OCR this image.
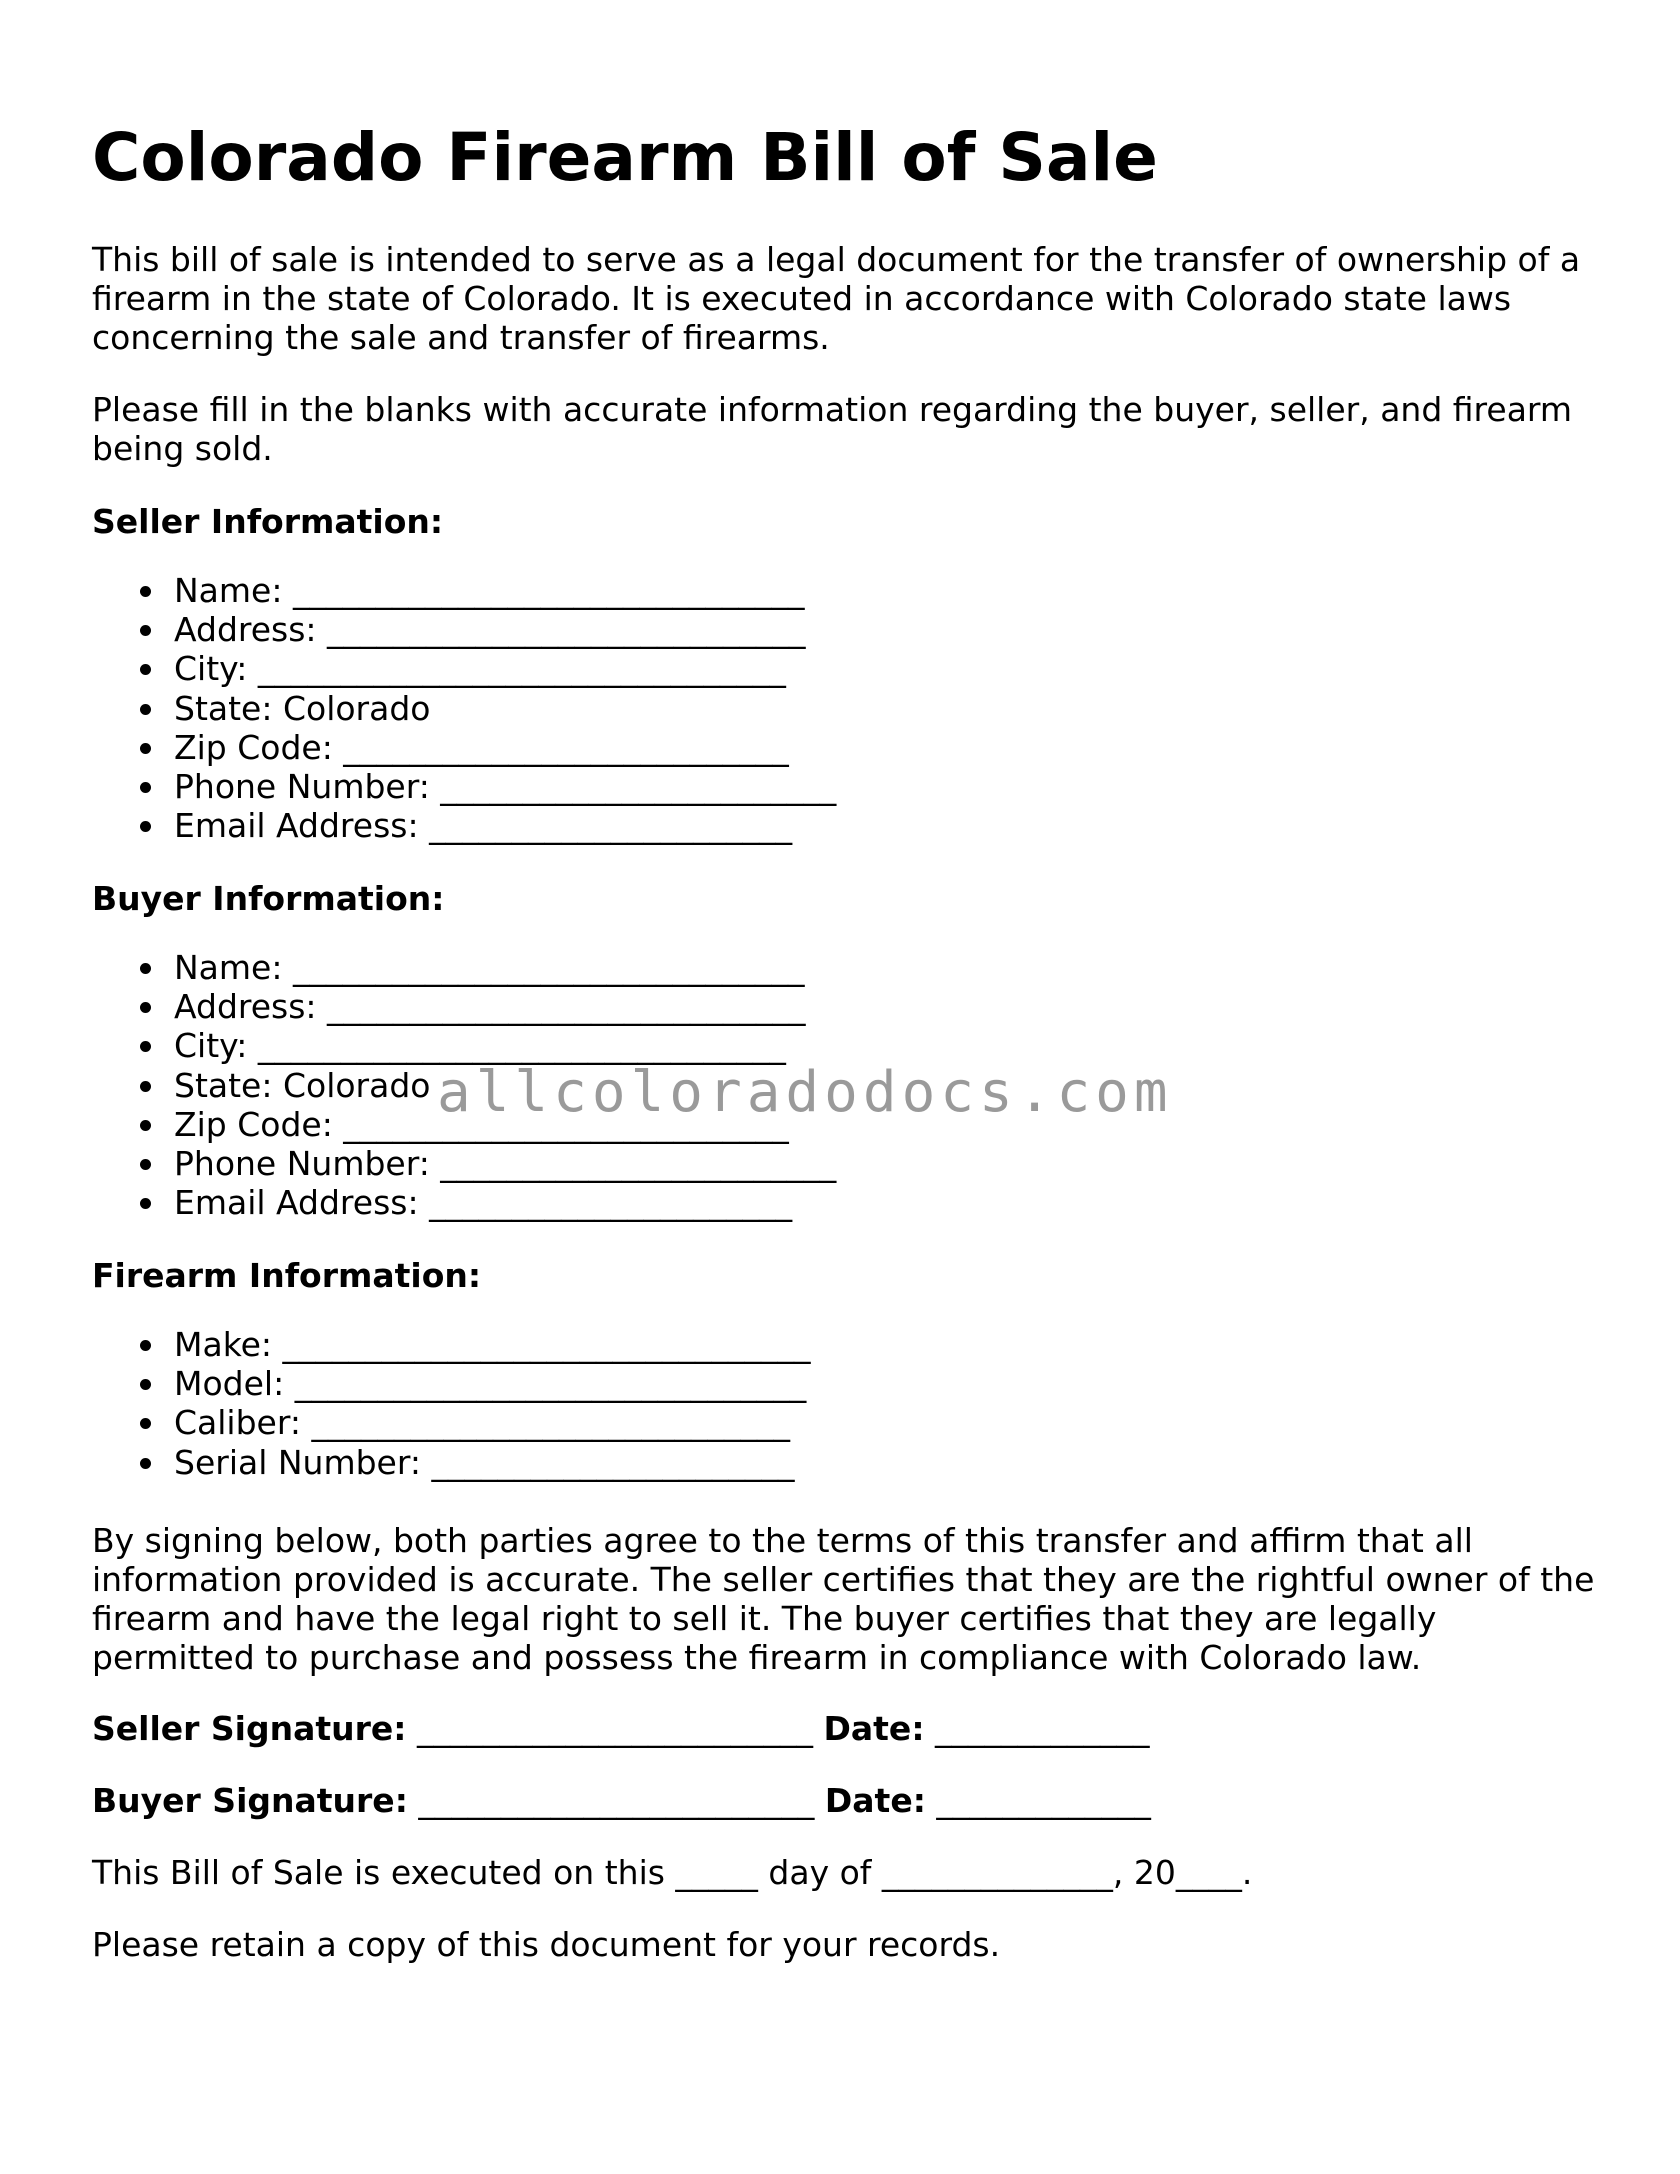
Colorado Firearm Bill of Sale

This bill of sale is intended to serve as a legal document for the transfer of ownership of a firearm in the state of Colorado. It is executed in accordance with Colorado state laws concerning the sale and transfer of firearms.

Please fill in the blanks with accurate information regarding the buyer, seller, and firearm being sold.

Seller Information:

Name: _______________________________
Address: _____________________________
City: ________________________________
State: Colorado
Zip Code: ___________________________
Phone Number: ________________________
Email Address: ______________________

Buyer Information:

Name: _______________________________
Address: _____________________________
City: ________________________________
State: Colorado
Zip Code: ___________________________
Phone Number: ________________________
Email Address: ______________________

Firearm Information:

Make: ________________________________
Model: _______________________________
Caliber: _____________________________
Serial Number: ______________________

By signing below, both parties agree to the terms of this transfer and affirm that all information provided is accurate. The seller certifies that they are the rightful owner of the firearm and have the legal right to sell it. The buyer certifies that they are legally permitted to purchase and possess the firearm in compliance with Colorado law.

Seller Signature: ________________________ Date: _____________

Buyer Signature: ________________________ Date: _____________

This Bill of Sale is executed on this _____ day of ______________, 20____.

Please retain a copy of this document for your records.

allcoloradodocs.com
